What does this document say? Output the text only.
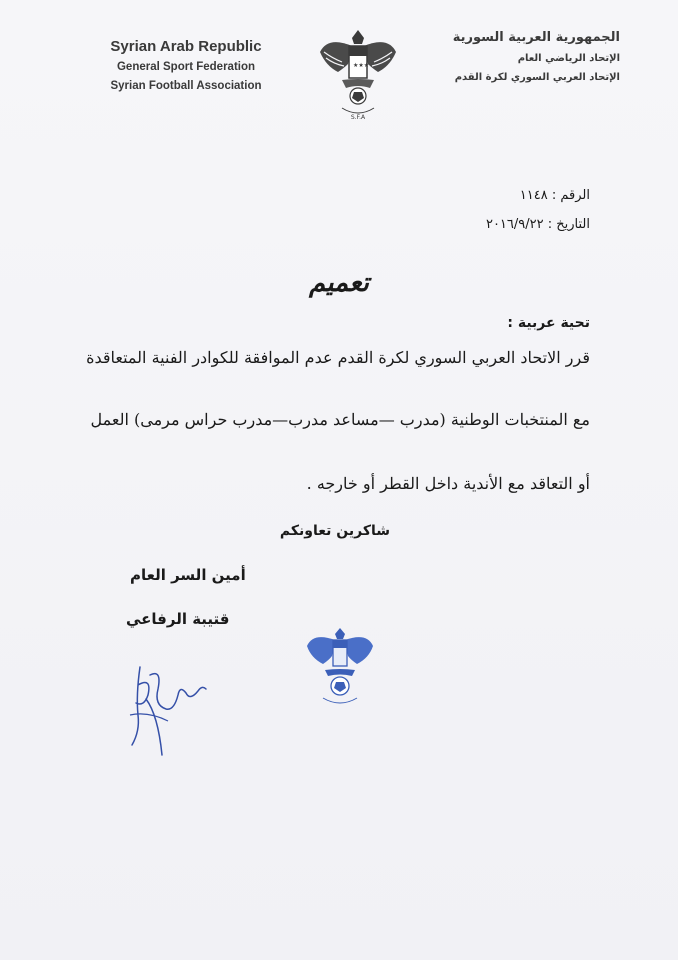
Syrian Arab Republic
General Sport Federation
Syrian Football Association
★★★
S.F.A
الجمهورية العربية السورية
الإتحاد الرياضي العام
الإتحاد العربي السوري لكرة القدم
الرقم : ١١٤٨
التاريخ : ٢٠١٦/٩/٢٢
تعميم
تحية عربية :
قرر الاتحاد العربي السوري لكرة القدم عدم الموافقة للكوادر الفنية المتعاقدة
مع المنتخبات الوطنية (مدرب —مساعد مدرب—مدرب حراس مرمى) العمل
أو التعاقد مع الأندية داخل القطر أو خارجه .
شاكرين تعاونكم
أمين السر العام
قتيبة الرفاعي
